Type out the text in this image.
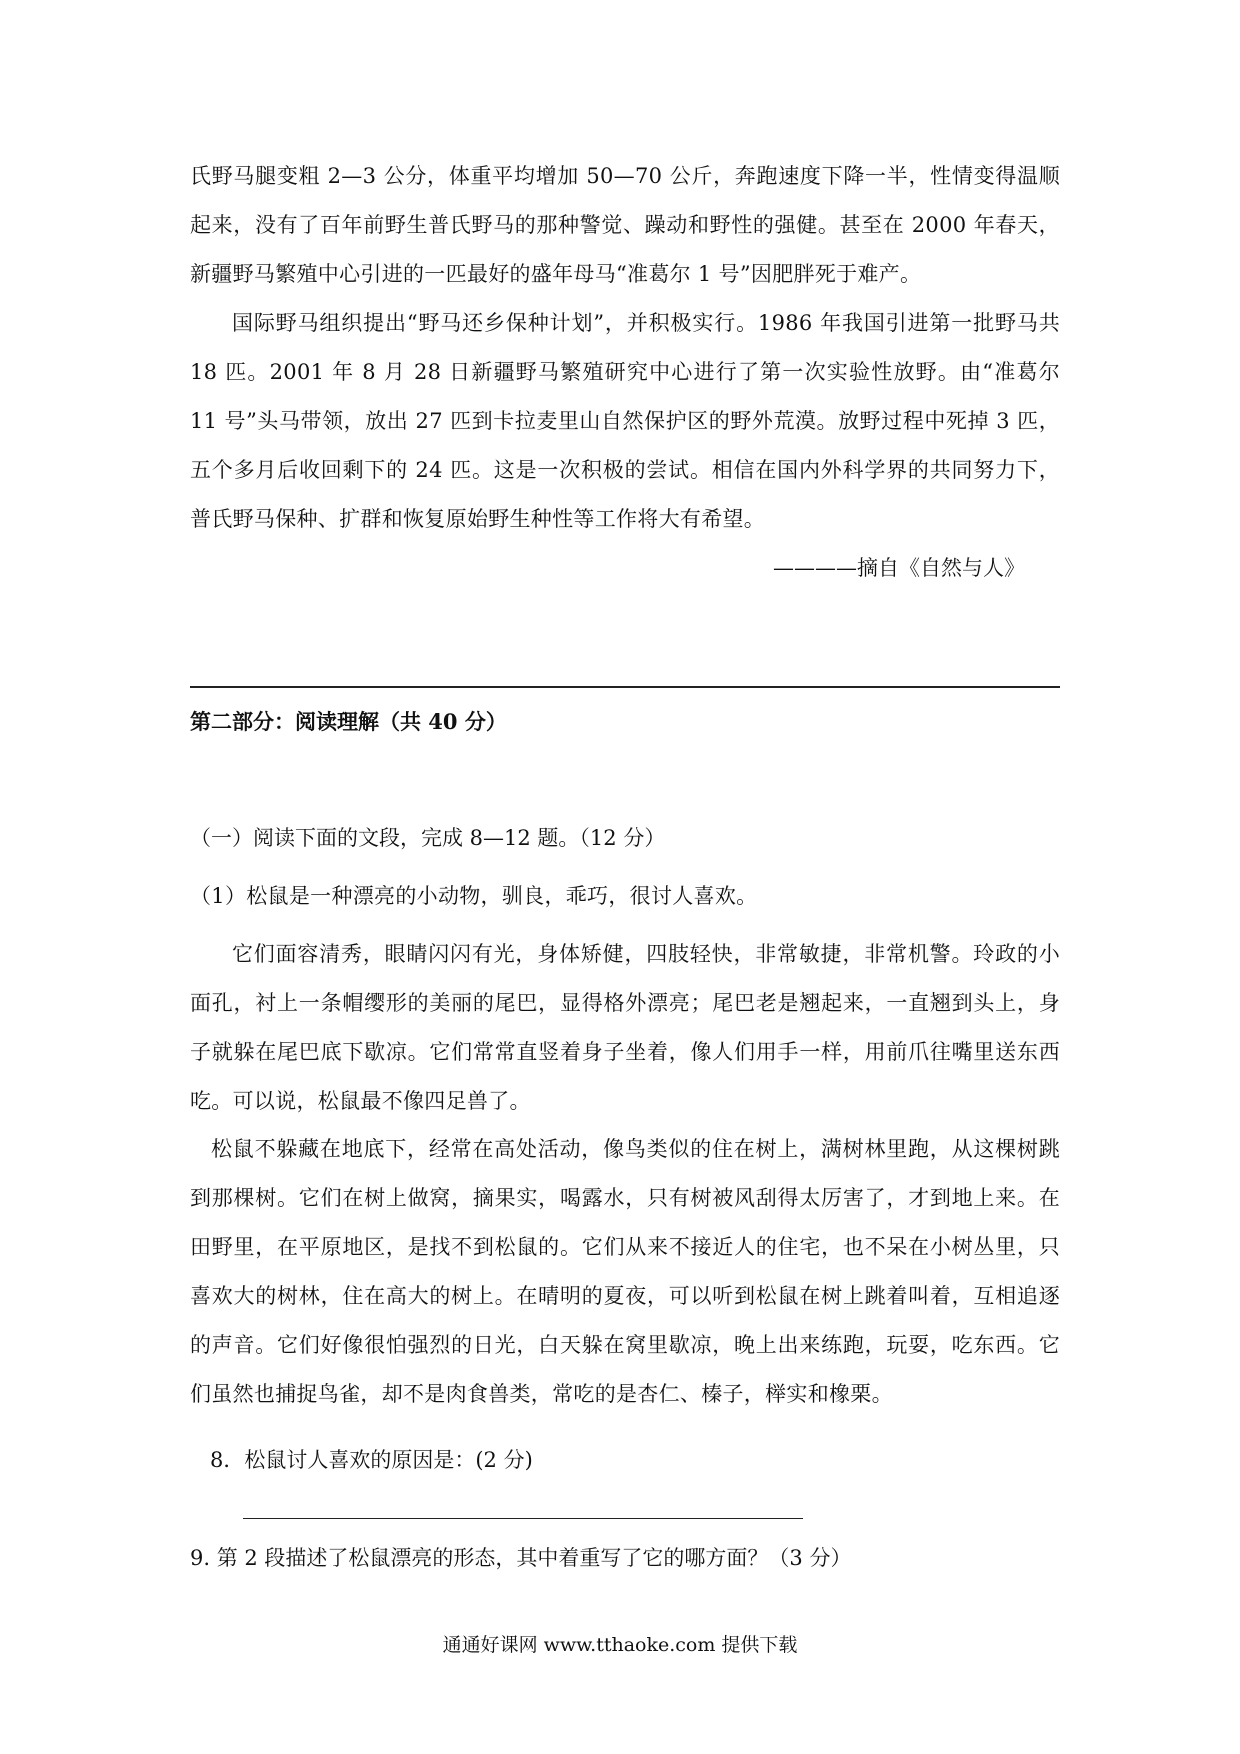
氏野马腿变粗 2—3 公分，体重平均增加 50—70 公斤，奔跑速度下降一半，性情变得温顺起来，没有了百年前野生普氏野马的那种警觉、躁动和野性的强健。甚至在 2000 年春天，新疆野马繁殖中心引进的一匹最好的盛年母马“准葛尔 1 号”因肥胖死于难产。

国际野马组织提出“野马还乡保种计划”，并积极实行。1986 年我国引进第一批野马共 18 匹。2001 年 8 月 28 日新疆野马繁殖研究中心进行了第一次实验性放野。由“准葛尔 11 号”头马带领，放出 27 匹到卡拉麦里山自然保护区的野外荒漠。放野过程中死掉 3 匹，五个多月后收回剩下的 24 匹。这是一次积极的尝试。相信在国内外科学界的共同努力下，普氏野马保种、扩群和恢复原始野生种性等工作将大有希望。

————摘自《自然与人》

第二部分：阅读理解（共 40 分）

（一）阅读下面的文段，完成 8—12 题。（12 分）

（1）松鼠是一种漂亮的小动物，驯良，乖巧，很讨人喜欢。

它们面容清秀，眼睛闪闪有光，身体矫健，四肢轻快，非常敏捷，非常机警。玲政的小面孔，衬上一条帽缨形的美丽的尾巴，显得格外漂亮；尾巴老是翘起来，一直翘到头上，身子就躲在尾巴底下歇凉。它们常常直竖着身子坐着，像人们用手一样，用前爪往嘴里送东西吃。可以说，松鼠最不像四足兽了。

松鼠不躲藏在地底下，经常在高处活动，像鸟类似的住在树上，满树林里跑，从这棵树跳到那棵树。它们在树上做窝，摘果实，喝露水，只有树被风刮得太厉害了，才到地上来。在田野里，在平原地区，是找不到松鼠的。它们从来不接近人的住宅，也不呆在小树丛里，只喜欢大的树林，住在高大的树上。在晴明的夏夜，可以听到松鼠在树上跳着叫着，互相追逐的声音。它们好像很怕强烈的日光，白天躲在窝里歇凉，晚上出来练跑，玩耍，吃东西。它们虽然也捕捉鸟雀，却不是肉食兽类，常吃的是杏仁、榛子，榉实和橡栗。

8．松鼠讨人喜欢的原因是：(2 分)

9. 第 2 段描述了松鼠漂亮的形态，其中着重写了它的哪方面？（3 分）

通通好课网 www.tthaoke.com 提供下载
